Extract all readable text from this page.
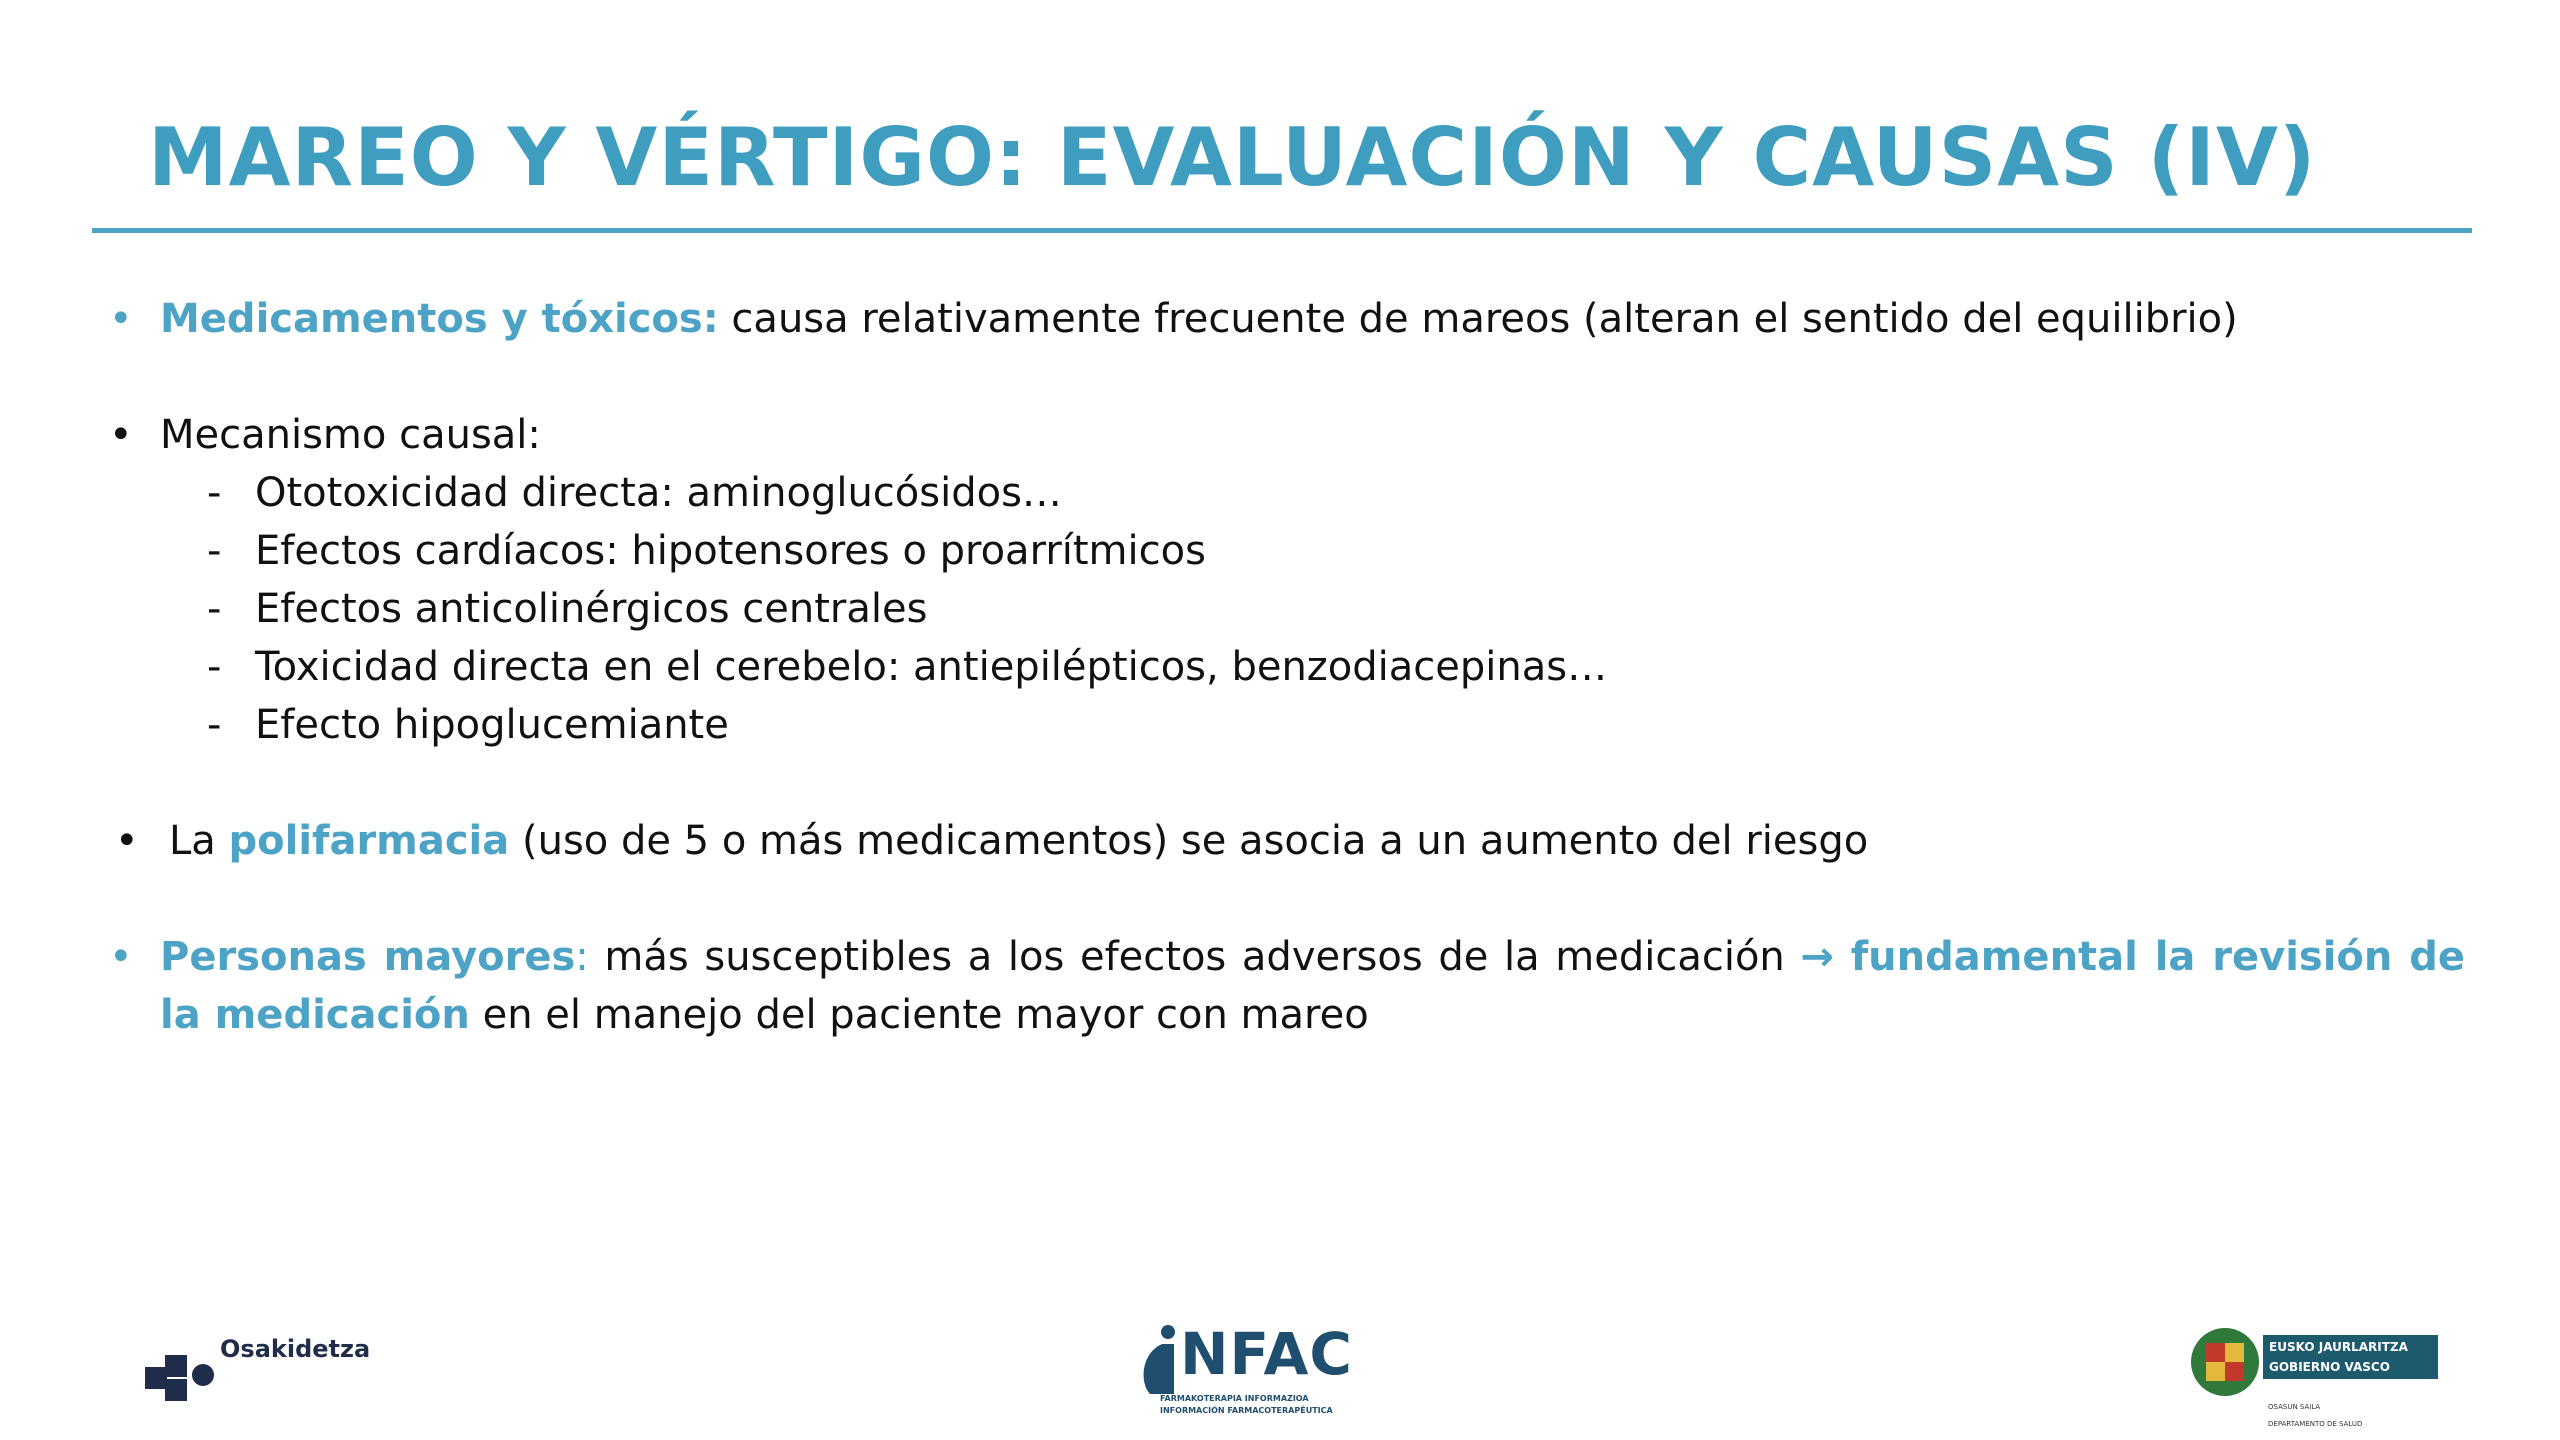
MAREO Y VÉRTIGO: EVALUACIÓN Y CAUSAS (IV)
• Medicamentos y tóxicos: causa relativamente frecuente de mareos (alteran el sentido del equilibrio)
• Mecanismo causal:
- Ototoxicidad directa: aminoglucósidos…
- Efectos cardíacos: hipotensores o proarrítmicos
- Efectos anticolinérgicos centrales
- Toxicidad directa en el cerebelo: antiepilépticos, benzodiacepinas…
- Efecto hipoglucemiante
• La polifarmacia (uso de 5 o más medicamentos) se asocia a un aumento del riesgo
• Personas mayores: más susceptibles a los efectos adversos de la medicación → fundamental la revisión de la medicación en el manejo del paciente mayor con mareo
Osakidetza	NFAC
FARMAKOTERAPIA INFORMAZIOA
INFORMACIÓN FARMACOTERAPÉUTICA
EUSKO JAURLARITZA
GOBIERNO VASCO
OSASUN SAILA
DEPARTAMENTO DE SALUD
